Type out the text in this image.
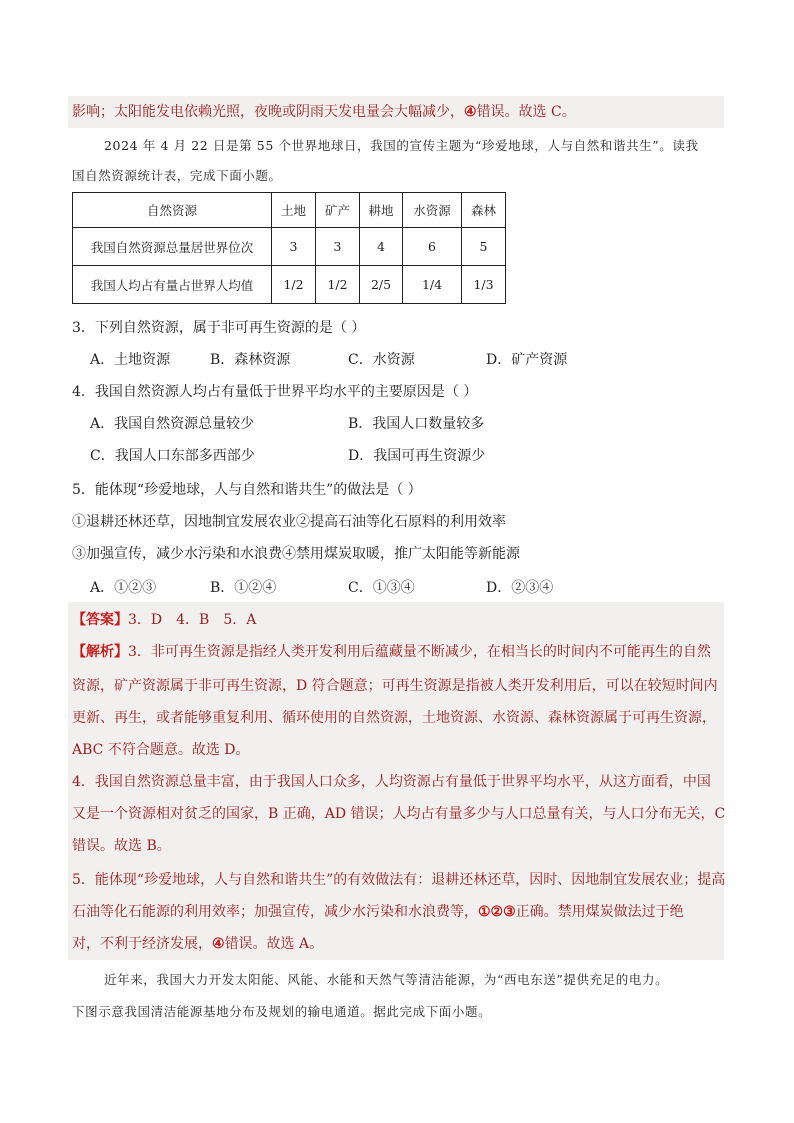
影响；太阳能发电依赖光照，夜晚或阴雨天发电量会大幅减少，④错误。故选 C。
2024 年 4 月 22 日是第 55 个世界地球日，我国的宣传主题为“珍爱地球，人与自然和谐共生”。读我
国自然资源统计表，完成下面小题。
自然资源	土地	矿产	耕地	水资源	森林
我国自然资源总量居世界位次	3	3	4	6	5
我国人均占有量占世界人均值	1/2	1/2	2/5	1/4	1/3
3．下列自然资源，属于非可再生资源的是（ ）
A．土地资源	B．森林资源	C．水资源	D．矿产资源
4．我国自然资源人均占有量低于世界平均水平的主要原因是（ ）
A．我国自然资源总量较少	B．我国人口数量较多
C．我国人口东部多西部少	D．我国可再生资源少
5．能体现“珍爱地球，人与自然和谐共生”的做法是（ ）
①退耕还林还草，因地制宜发展农业②提高石油等化石原料的利用效率
③加强宣传，减少水污染和水浪费④禁用煤炭取暖，推广太阳能等新能源
A．①②③	B．①②④	C．①③④	D．②③④
【答案】3．D　4．B　5．A
【解析】3．非可再生资源是指经人类开发利用后蕴藏量不断减少，在相当长的时间内不可能再生的自然
资源，矿产资源属于非可再生资源，D 符合题意；可再生资源是指被人类开发利用后，可以在较短时间内
更新、再生，或者能够重复利用、循环使用的自然资源，土地资源、水资源、森林资源属于可再生资源，
ABC 不符合题意。故选 D。
4．我国自然资源总量丰富，由于我国人口众多，人均资源占有量低于世界平均水平，从这方面看，中国
又是一个资源相对贫乏的国家，B 正确，AD 错误；人均占有量多少与人口总量有关，与人口分布无关，C
错误。故选 B。
5．能体现“珍爱地球，人与自然和谐共生”的有效做法有：退耕还林还草，因时、因地制宜发展农业；提高
石油等化石能源的利用效率；加强宣传，减少水污染和水浪费等，①②③正确。禁用煤炭做法过于绝
对，不利于经济发展，④错误。故选 A。
近年来，我国大力开发太阳能、风能、水能和天然气等清洁能源，为“西电东送”提供充足的电力。
下图示意我国清洁能源基地分布及规划的输电通道。据此完成下面小题。
